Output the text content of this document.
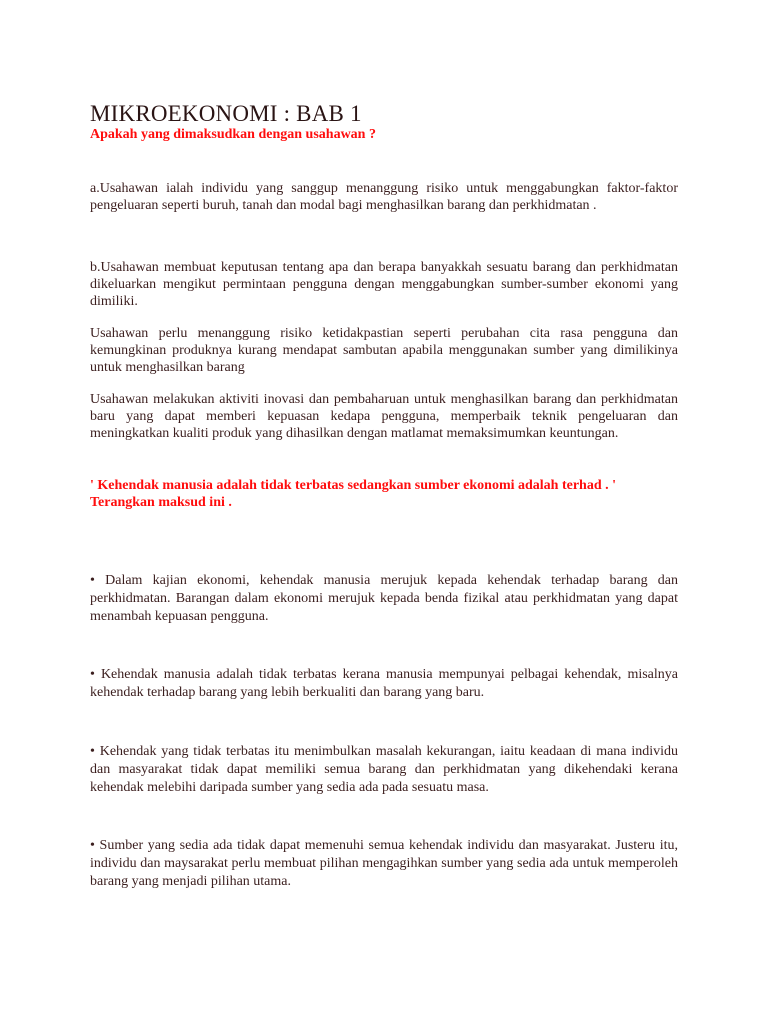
MIKROEKONOMI : BAB 1
Apakah yang dimaksudkan dengan usahawan ?
a.Usahawan ialah individu yang sanggup menanggung risiko untuk menggabungkan faktor-faktor pengeluaran seperti buruh, tanah dan modal bagi menghasilkan barang dan perkhidmatan .
b.Usahawan membuat keputusan tentang apa dan berapa banyakkah sesuatu barang dan perkhidmatan dikeluarkan mengikut permintaan pengguna dengan menggabungkan sumber-sumber ekonomi yang dimiliki.
Usahawan perlu menanggung risiko ketidakpastian seperti perubahan cita rasa pengguna dan kemungkinan produknya kurang mendapat sambutan apabila menggunakan sumber yang dimilikinya untuk menghasilkan barang
Usahawan melakukan aktiviti inovasi dan pembaharuan untuk menghasilkan barang dan perkhidmatan baru yang dapat memberi kepuasan kedapa pengguna, memperbaik teknik pengeluaran dan meningkatkan kualiti produk yang dihasilkan dengan matlamat memaksimumkan keuntungan.
' Kehendak manusia adalah tidak terbatas sedangkan sumber ekonomi adalah terhad . ' Terangkan maksud ini .
• Dalam kajian ekonomi, kehendak manusia merujuk kepada kehendak terhadap barang dan perkhidmatan. Barangan dalam ekonomi merujuk kepada benda fizikal atau perkhidmatan yang dapat menambah kepuasan pengguna.
• Kehendak manusia adalah tidak terbatas kerana manusia mempunyai pelbagai kehendak, misalnya kehendak terhadap barang yang lebih berkualiti dan barang yang baru.
• Kehendak yang tidak terbatas itu menimbulkan masalah kekurangan, iaitu keadaan di mana individu dan masyarakat tidak dapat memiliki semua barang dan perkhidmatan yang dikehendaki kerana kehendak melebihi daripada sumber yang sedia ada pada sesuatu masa.
• Sumber yang sedia ada tidak dapat memenuhi semua kehendak individu dan masyarakat. Justeru itu, individu dan maysarakat perlu membuat pilihan mengagihkan sumber yang sedia ada untuk memperoleh barang yang menjadi pilihan utama.
